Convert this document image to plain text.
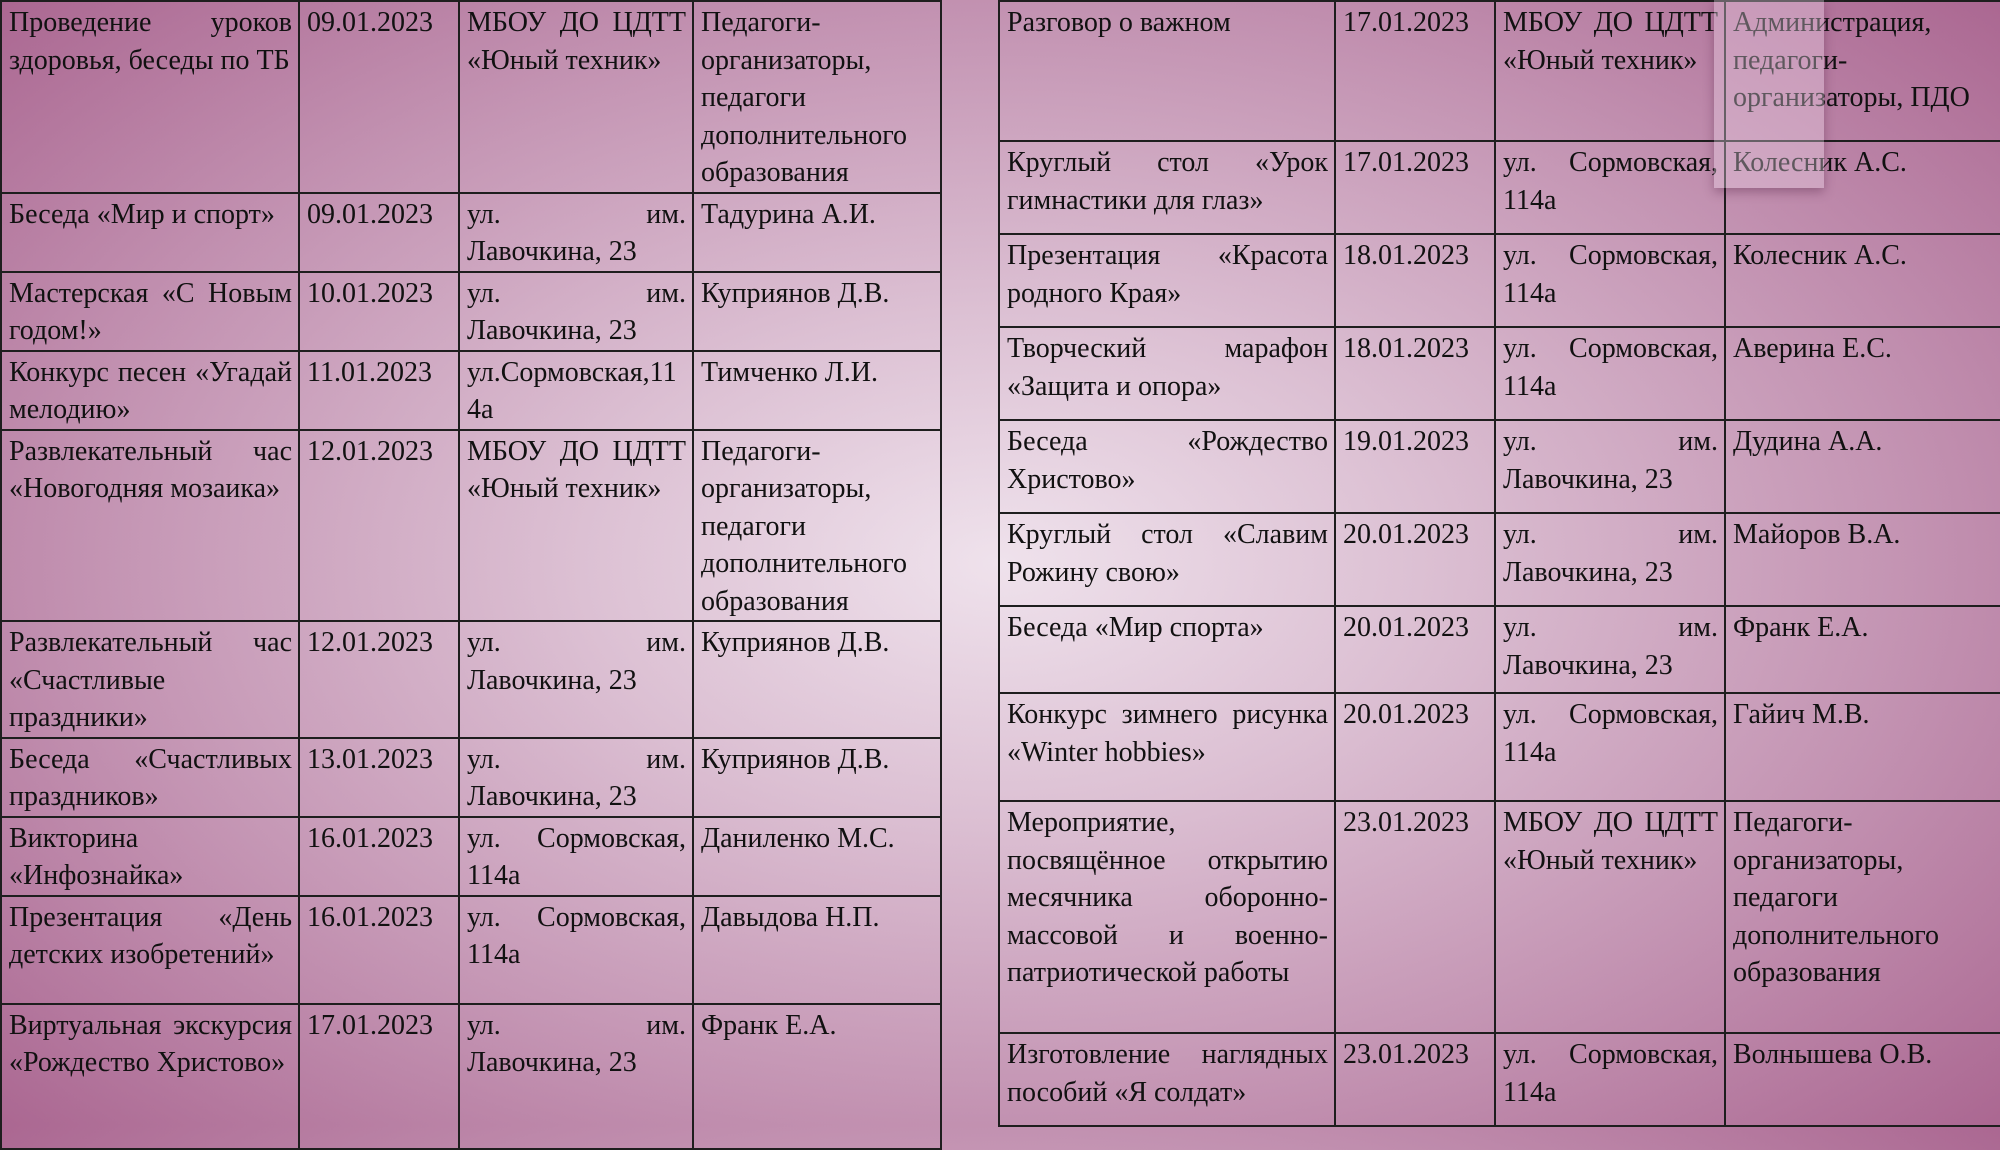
Проведение уроков здоровья, беседы по ТБ	09.01.2023	МБОУ ДО ЦДТТ «Юный техник»	Педагоги-организаторы, педагоги дополнительного образования
Беседа «Мир и спорт»	09.01.2023	ул. им. Лавочкина, 23	Тадурина А.И.
Мастерская «С Новым годом!»	10.01.2023	ул. им. Лавочкина, 23	Куприянов Д.В.
Конкурс песен «Угадай мелодию»	11.01.2023	ул.Сормовская,114а	Тимченко Л.И.
Развлекательный час «Новогодняя мозаика»	12.01.2023	МБОУ ДО ЦДТТ «Юный техник»	Педагоги-организаторы, педагоги дополнительного образования
Развлекательный час «Счастливые праздники»	12.01.2023	ул. им. Лавочкина, 23	Куприянов Д.В.
Беседа «Счастливых праздников»	13.01.2023	ул. им. Лавочкина, 23	Куприянов Д.В.
Викторина «Инфознайка»	16.01.2023	ул. Сормовская, 114а	Даниленко М.С.
Презентация «День детских изобретений»	16.01.2023	ул. Сормовская, 114а	Давыдова Н.П.
Виртуальная экскурсия «Рождество Христово»	17.01.2023	ул. им. Лавочкина, 23	Франк Е.А.
Разговор о важном	17.01.2023	МБОУ ДО ЦДТТ «Юный техник»	Администрация, педагоги-организаторы, ПДО
Круглый стол «Урок гимнастики для глаз»	17.01.2023	ул. Сормовская, 114а	Колесник А.С.
Презентация «Красота родного Края»	18.01.2023	ул. Сормовская, 114а	Колесник А.С.
Творческий марафон «Защита и опора»	18.01.2023	ул. Сормовская, 114а	Аверина Е.С.
Беседа «Рождество Христово»	19.01.2023	ул. им. Лавочкина, 23	Дудина А.А.
Круглый стол «Славим Рожину свою»	20.01.2023	ул. им. Лавочкина, 23	Майоров В.А.
Беседа «Мир спорта»	20.01.2023	ул. им. Лавочкина, 23	Франк Е.А.
Конкурс зимнего рисунка «Winter hobbies»	20.01.2023	ул. Сормовская, 114а	Гайич М.В.
Мероприятие, посвящённое открытию месячника оборонно-массовой и военно-патриотической работы	23.01.2023	МБОУ ДО ЦДТТ «Юный техник»	Педагоги-организаторы, педагоги дополнительного образования
Изготовление наглядных пособий «Я солдат»	23.01.2023	ул. Сормовская, 114а	Волнышева О.В.
